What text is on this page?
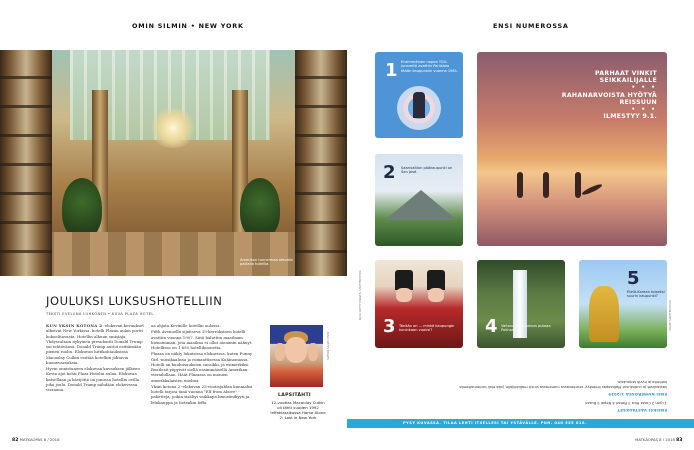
OMIN SILMIN • NEW YORK
Amerikan tunnelmaa olevalla paikalla hotellia.
JOULUKSI LUKSUSHOTELLIIN
TEKSTI EVELIINA LUHKONEN • KUVA PLAZA HOTEL

KUN YKSIN KOTONA 2 -elokuvan kuvaukset alkoivat New Yorkissa, hotelli Plazan aulan portit kokoelitavasta. Hotellin alkuun omistaja, Yhdysvaltain nykyinen presidentti Donald Trump sai tehtävänsä. Donald Trump auttoi esittämään pienen roolin. Elokuvan hittikohtauksissa Macaulay Culkin esittää hotelliin johtavia huonevarauksia.

Hyvin onnistuneen elokuvan kuvauksen jälkeen Kevin ajoi kohti Plaza Hotelin aulaa. Elokuvaa katsellaan ja kävijöitä on jonossa hotellin ovilla joka joulu. Donald Trump nähdään elokuvassa vieraana.

aa ohjata Kevinille hotellin aulassa.

Fifth Avenuella sijaitseva 19-kerroksinen hotelli avattiin vuonna 1907. Siitä haluttiin maailman hienoimman, jota maailma ei ollut aiemmin nähnyt. Hotellissa on 1 650 hotellihuonetta.

Plazaa on nähty lukuisissa elokuvissa, kuten Funny Girl -musikaalissa ja romanttisessa Kuhinomassa. Hotelli on kuuluisuuksien suosikki, ja esimerkiksi Beatlesit yöpyivät siellä ensimmäisellä Amerikan-vierailullaan. Häät Plazassa on monien amerikkalaisten unelma.

Yksin kotona 2 -elokuvan 25-vuotisjuhlan kunniaksi hotelli tarjosi tänä vuonna "Elf from Above" -paketteja, joihin sisältyi vaikkapa limusiinikyyti ja lelukauppa ja tietenkin leffa.

KUVA: GETTY IMAGES
LAPSITÄHTI
12-vuotias Macaulay Culkin oli tähti vuoden 1992 leffaklassikossa Home Alone 2: Lost in New York
82 MATKAOPAS 8 / 2018
ENSI NUMEROSSA
1 Ensimmäinen nopea TGV-junareitti avattiin Pariisista tähän kaupunkiin vuonna 1981.
2 Saarivaltion pääkaupunki on San José.
PARHAAT VINKIT SEIKKAILIJALLE
• • •
RAHANARVOISTA HYÖTYÄ REISSUUN
• • •
ILMESTYY 9.1.
KUVA: GETTY IMAGES, SHUTTERSTOCK
3 Tänään on ... minkä kaupungin kuninkaan vuoksi?	4 Valtava Yetti-putous putoaa Pokhara...
5
Etelä-Korean toiseksi suurin kaupunki?
KUVAT: SHUTTERSTOCK
ENSIKSI VASTAUKSET
1 Lyon 2 Costa Rica 3 Pietari 4 Nepal 5 Busan
ENSI NUMEROSSA 1/2019
Vastaukset ja uudistunut Matkaopas ilmestyy: seuraavassa numerossa vinkit matkailijalle, joka etsii tuntemattomia kohteita ja hyviä tarjouksia.
PYSY KUVASSA. TILAA LEHTI ITSELLESI TAI YSTÄVÄLLE. PUH. 040 555 010.
MATKAOPAS 8 / 2018 83
